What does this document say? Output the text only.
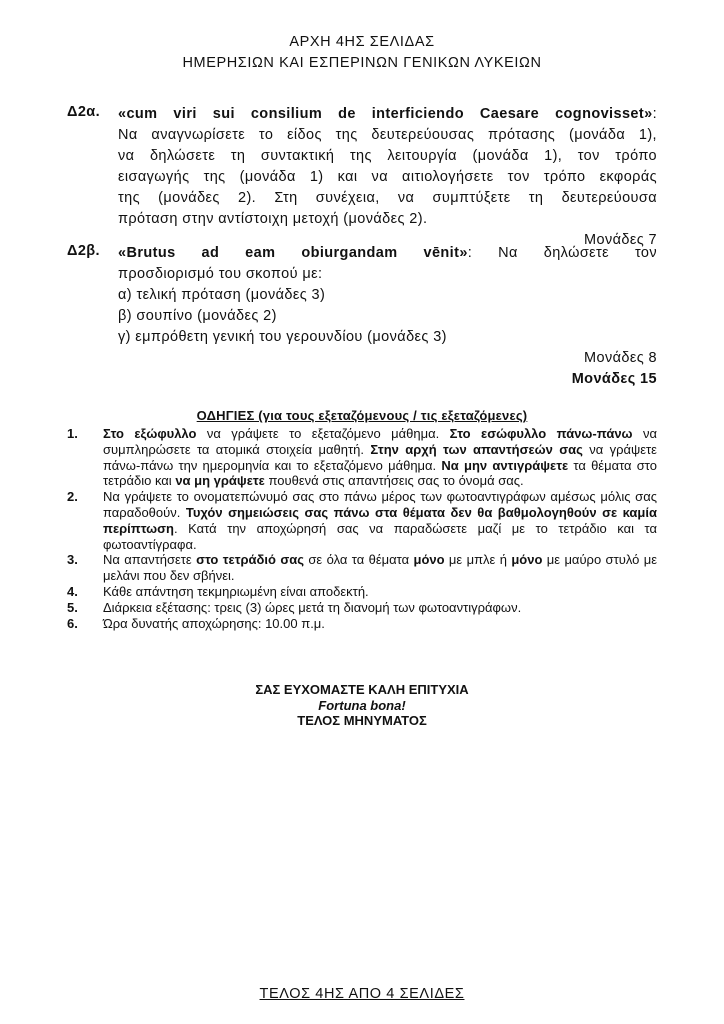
ΑΡΧΗ 4ΗΣ ΣΕΛΙΔΑΣ
ΗΜΕΡΗΣΙΩΝ ΚΑΙ ΕΣΠΕΡΙΝΩΝ ΓΕΝΙΚΩΝ ΛΥΚΕΙΩΝ
Δ2α. «cum viri sui consilium de interficiendo Caesare cognovisset»:

Να αναγνωρίσετε το είδος της δευτερεύουσας πρότασης (μονάδα 1),

να δηλώσετε τη συντακτική της λειτουργία (μονάδα 1), τον τρόπο

εισαγωγής της (μονάδα 1) και να αιτιολογήσετε τον τρόπο εκφοράς

της (μονάδες 2). Στη συνέχεια, να συμπτύξετε τη δευτερεύουσα

πρόταση στην αντίστοιχη μετοχή (μονάδες 2).

Μονάδες 7

Δ2β. «Brutus ad eam obiurgandam vēnit»: Να δηλώσετε τον

προσδιορισμό του σκοπού με:

α) τελική πρόταση (μονάδες 3)

β) σουπίνο (μονάδες 2)

γ) εμπρόθετη γενική του γερουνδίου (μονάδες 3)

Μονάδες 8

Μονάδες 15

ΟΔΗΓΙΕΣ (για τους εξεταζόμενους / τις εξεταζόμενες)
1. Στο εξώφυλλο να γράψετε το εξεταζόμενο μάθημα. Στο εσώφυλλο πάνω-πάνω να συμπληρώσετε τα ατομικά στοιχεία μαθητή. Στην αρχή των απαντήσεών σας να γράψετε πάνω-πάνω την ημερομηνία και το εξεταζόμενο μάθημα. Να μην αντιγράψετε τα θέματα στο τετράδιο και να μη γράψετε πουθενά στις απαντήσεις σας το όνομά σας.
2. Να γράψετε το ονοματεπώνυμό σας στο πάνω μέρος των φωτοαντιγράφων αμέσως μόλις σας παραδοθούν. Τυχόν σημειώσεις σας πάνω στα θέματα δεν θα βαθμολογηθούν σε καμία περίπτωση. Κατά την αποχώρησή σας να παραδώσετε μαζί με το τετράδιο και τα φωτοαντίγραφα.
3. Να απαντήσετε στο τετράδιό σας σε όλα τα θέματα μόνο με μπλε ή μόνο με μαύρο στυλό με μελάνι που δεν σβήνει.
4. Κάθε απάντηση τεκμηριωμένη είναι αποδεκτή.
5. Διάρκεια εξέτασης: τρεις (3) ώρες μετά τη διανομή των φωτοαντιγράφων.
6. Ώρα δυνατής αποχώρησης: 10.00 π.μ.
ΣΑΣ ΕΥΧΟΜΑΣΤΕ ΚΑΛΗ ΕΠΙΤΥΧΙΑ
Fortuna bona!
ΤΕΛΟΣ ΜΗΝΥΜΑΤΟΣ
ΤΕΛΟΣ 4ΗΣ ΑΠΟ 4 ΣΕΛΙΔΕΣ
